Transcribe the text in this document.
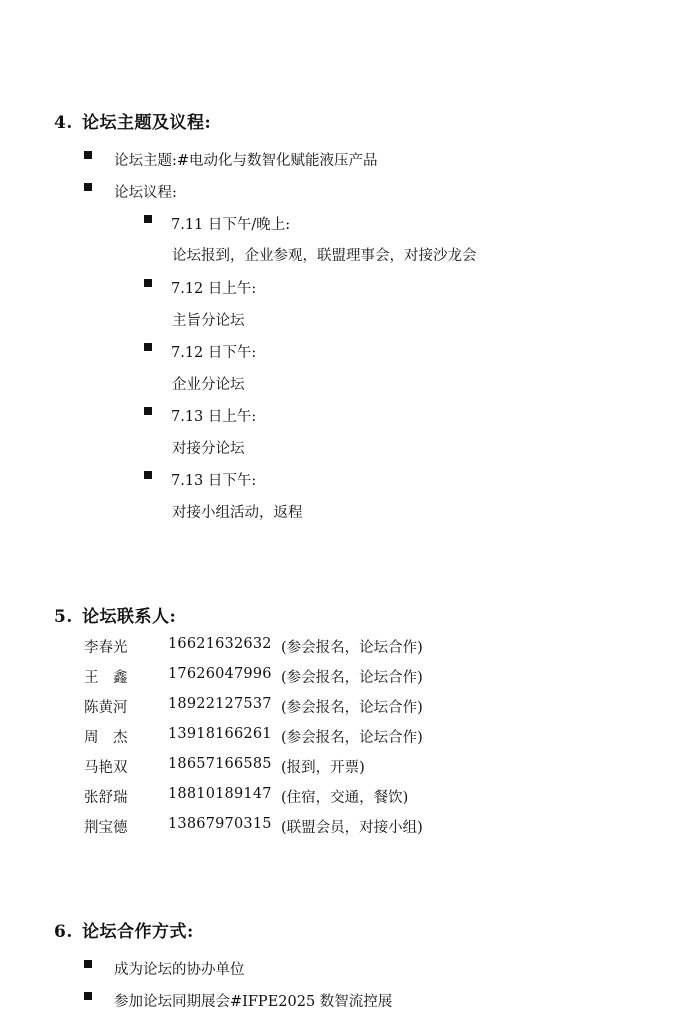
4. 论坛主题及议程:
论坛主题:#电动化与数智化赋能液压产品
论坛议程:
7.11 日下午/晚上:
论坛报到，企业参观，联盟理事会，对接沙龙会
7.12 日上午:
主旨分论坛
7.12 日下午:
企业分论坛
7.13 日上午:
对接分论坛
7.13 日下午:
对接小组活动，返程
5. 论坛联系人:
李春光	16621632632 (参会报名，论坛合作)
王　鑫	17626047996 (参会报名，论坛合作)
陈黄河	18922127537 (参会报名，论坛合作)
周　杰	13918166261 (参会报名，论坛合作)
马艳双	18657166585 (报到，开票)
张舒瑞	18810189147 (住宿，交通，餐饮)
荆宝德	13867970315 (联盟会员，对接小组)
6. 论坛合作方式:
成为论坛的协办单位
参加论坛同期展会#IFPE2025 数智流控展
